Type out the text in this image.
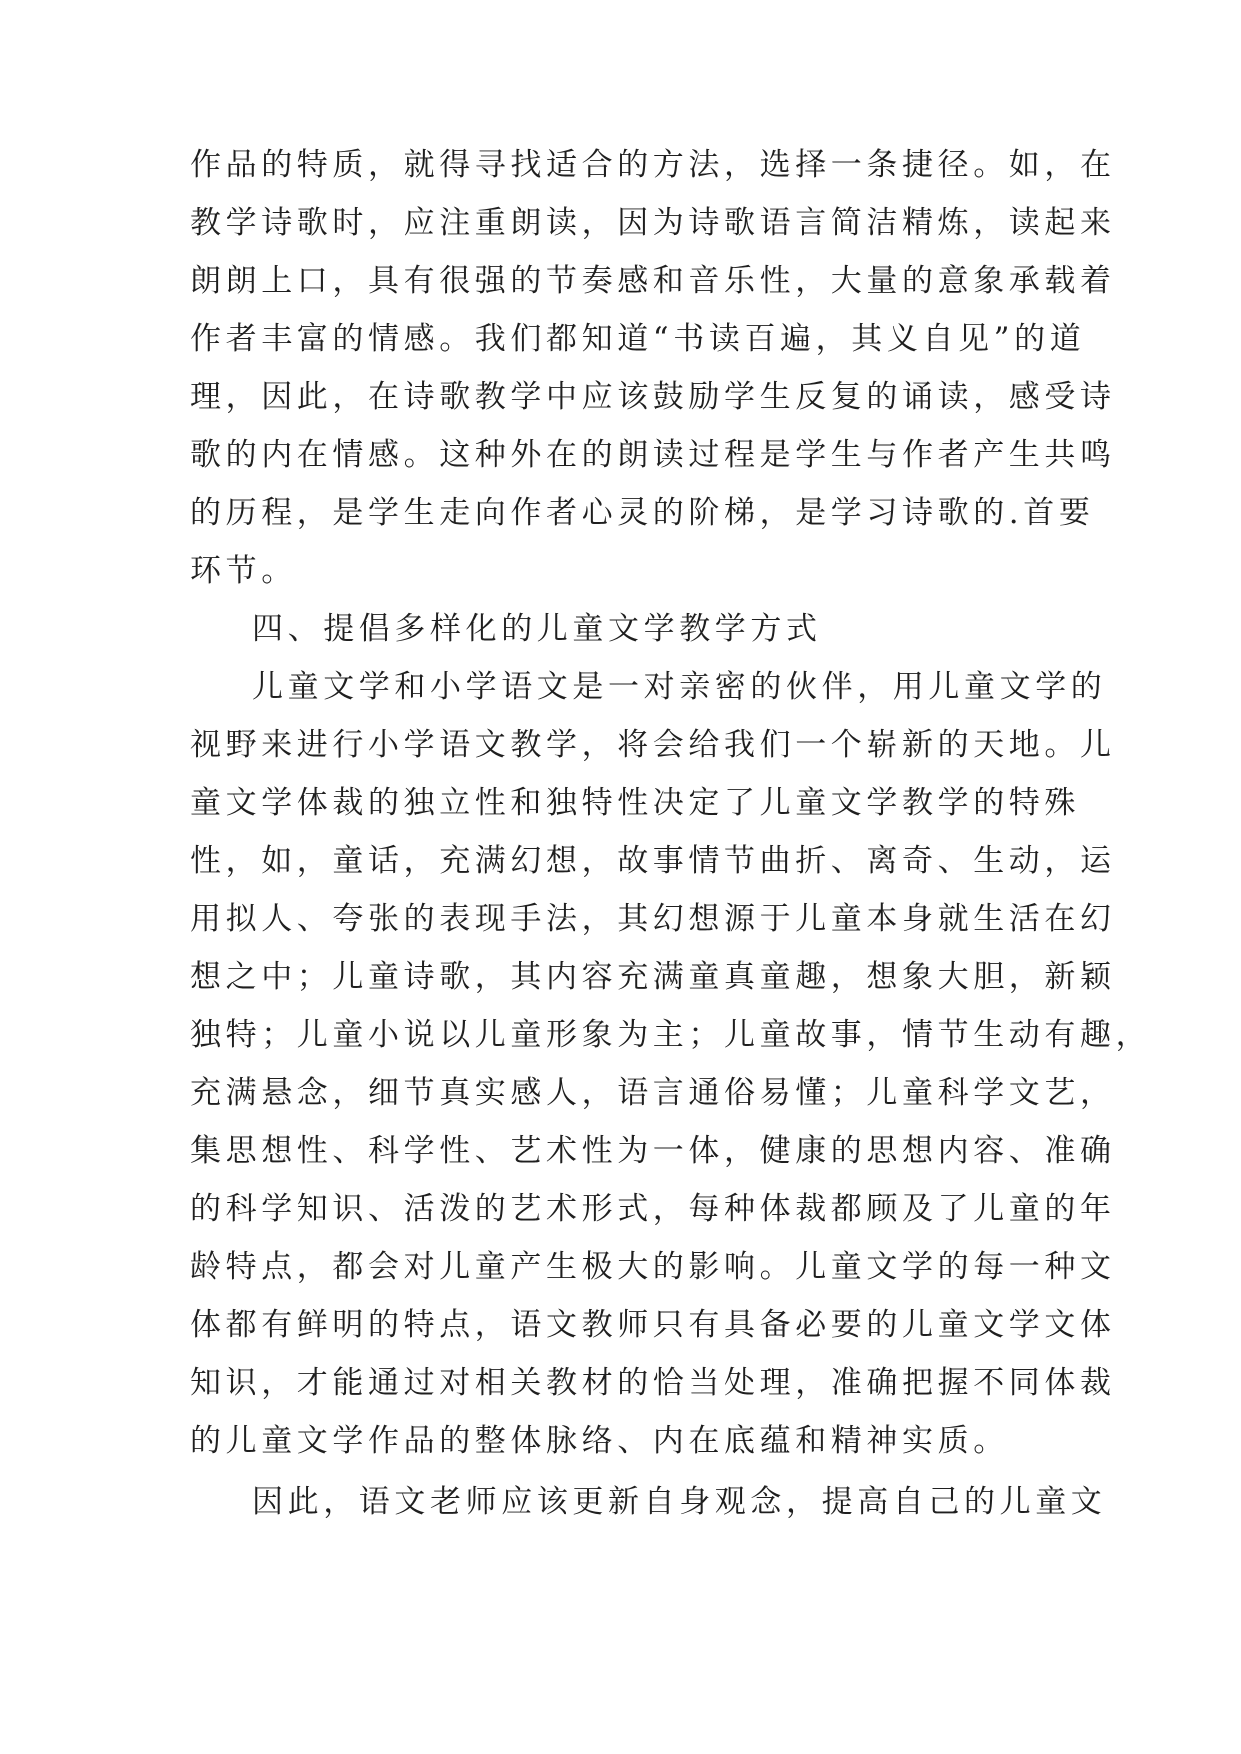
作品的特质，就得寻找适合的方法，选择一条捷径。如，在
教学诗歌时，应注重朗读，因为诗歌语言简洁精炼，读起来
朗朗上口，具有很强的节奏感和音乐性，大量的意象承载着
作者丰富的情感。我们都知道“书读百遍，其义自见”的道
理，因此，在诗歌教学中应该鼓励学生反复的诵读，感受诗
歌的内在情感。这种外在的朗读过程是学生与作者产生共鸣
的历程，是学生走向作者心灵的阶梯，是学习诗歌的.首要
环节。
四、提倡多样化的儿童文学教学方式
儿童文学和小学语文是一对亲密的伙伴，用儿童文学的
视野来进行小学语文教学，将会给我们一个崭新的天地。儿
童文学体裁的独立性和独特性决定了儿童文学教学的特殊
性，如，童话，充满幻想，故事情节曲折、离奇、生动，运
用拟人、夸张的表现手法，其幻想源于儿童本身就生活在幻
想之中；儿童诗歌，其内容充满童真童趣，想象大胆，新颖
独特；儿童小说以儿童形象为主；儿童故事，情节生动有趣，
充满悬念，细节真实感人，语言通俗易懂；儿童科学文艺，
集思想性、科学性、艺术性为一体，健康的思想内容、准确
的科学知识、活泼的艺术形式，每种体裁都顾及了儿童的年
龄特点，都会对儿童产生极大的影响。儿童文学的每一种文
体都有鲜明的特点，语文教师只有具备必要的儿童文学文体
知识，才能通过对相关教材的恰当处理，准确把握不同体裁
的儿童文学作品的整体脉络、内在底蕴和精神实质。
因此，语文老师应该更新自身观念，提高自己的儿童文
